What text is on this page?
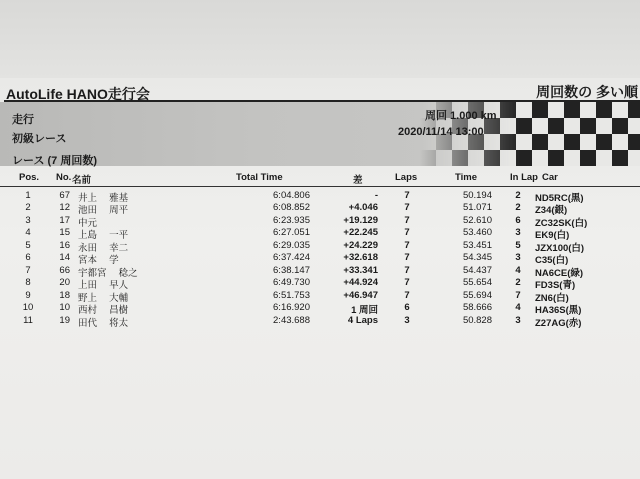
AutoLife HANO走行会	周回数の 多い順
走行
初級レース
レース (7 周回数)
周回 1.000 km
2020/11/14 13:00
Pos. No. 名前	Total Time	差	Laps	Time	In Lap Car
1	67 井上　 雅基	6:04.806	-	7	50.194	2	ND5RC(黒)
2	12 池田　 周平	6:08.852	+4.046	7	51.071	2	Z34(銀)
3	17 中元	6:23.935	+19.129	7	52.610	6	ZC32SK(白)
4	15 上島　 一平	6:27.051	+22.245	7	53.460	3	EK9(白)
5	16 永田　 幸二	6:29.035	+24.229	7	53.451	5	JZX100(白)
6	14 宮本　 学	6:37.424	+32.618	7	54.345	3	C35(白)
7	66 宇都宮　 稔之	6:38.147	+33.341	7	54.437	4	NA6CE(緑)
8	20 上田　 早人	6:49.730	+44.924	7	55.654	2	FD3S(青)
9	18 野上　 大輔	6:51.753	+46.947	7	55.694	7	ZN6(白)
10	10 西村　 昌樹	6:16.920	1 周回	6	58.666	4	HA36S(黒)
11	19 田代　 将太	2:43.688	4 Laps	3	50.828	3	Z27AG(赤)
